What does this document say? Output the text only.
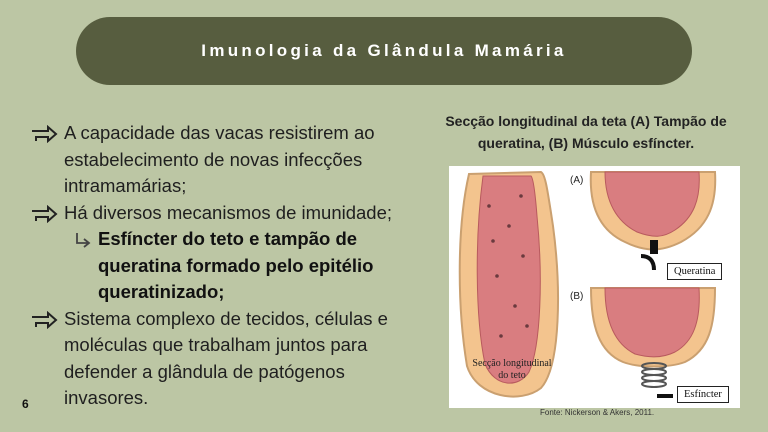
Imunologia da Glândula Mamária
A capacidade das vacas resistirem ao estabelecimento de novas infecções intramamárias;
Há diversos mecanismos de imunidade;
Esfíncter do teto e tampão de queratina formado pelo epitélio queratinizado;
Sistema complexo de tecidos, células e moléculas que trabalham juntos para defender a glândula de patógenos invasores.
Secção longitudinal da teta (A) Tampão de queratina, (B) Músculo esfíncter.
(A)
(B)
Queratina
Esfíncter
Secção longitudinal
do teto
Fonte: Nickerson & Akers, 2011.
6
